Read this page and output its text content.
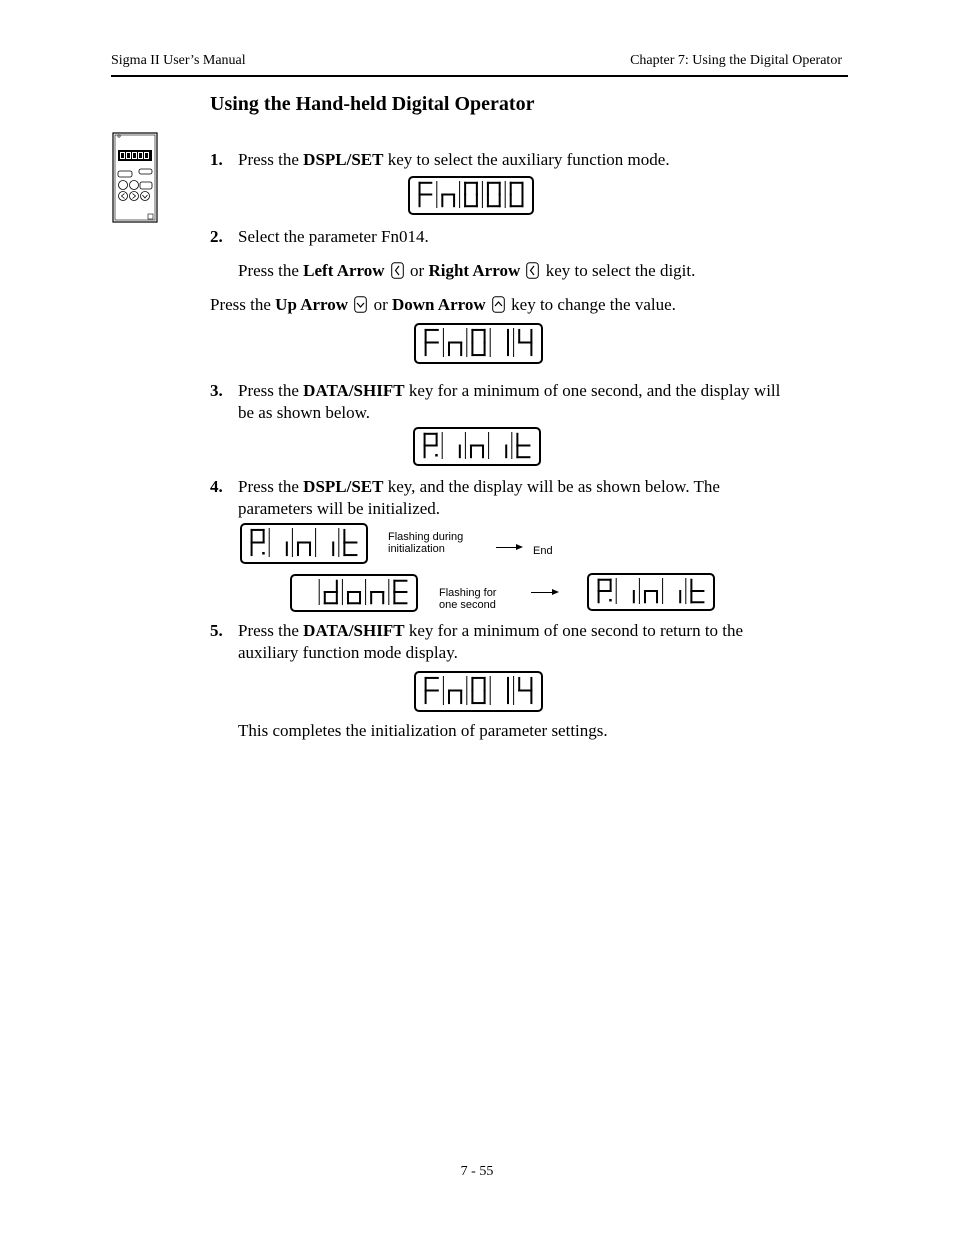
Sigma II User’s Manual	Chapter 7: Using the Digital Operator
Using the Hand-held Digital Operator
1. Press the DSPL/SET key to select the auxiliary function mode.
2. Select the parameter Fn014.
Press the Left Arrow  or Right Arrow  key to select the digit.
Press the Up Arrow  or Down Arrow  key to change the value.
3. Press the DATA/SHIFT key for a minimum of one second, and the display will
be as shown below.
4. Press the DSPL/SET key, and the display will be as shown below. The
parameters will be initialized.
Flashing during
initialization	End
Flashing for
one second
5. Press the DATA/SHIFT key for a minimum of one second to return to the
auxiliary function mode display.
This completes the initialization of parameter settings.
7 - 55
